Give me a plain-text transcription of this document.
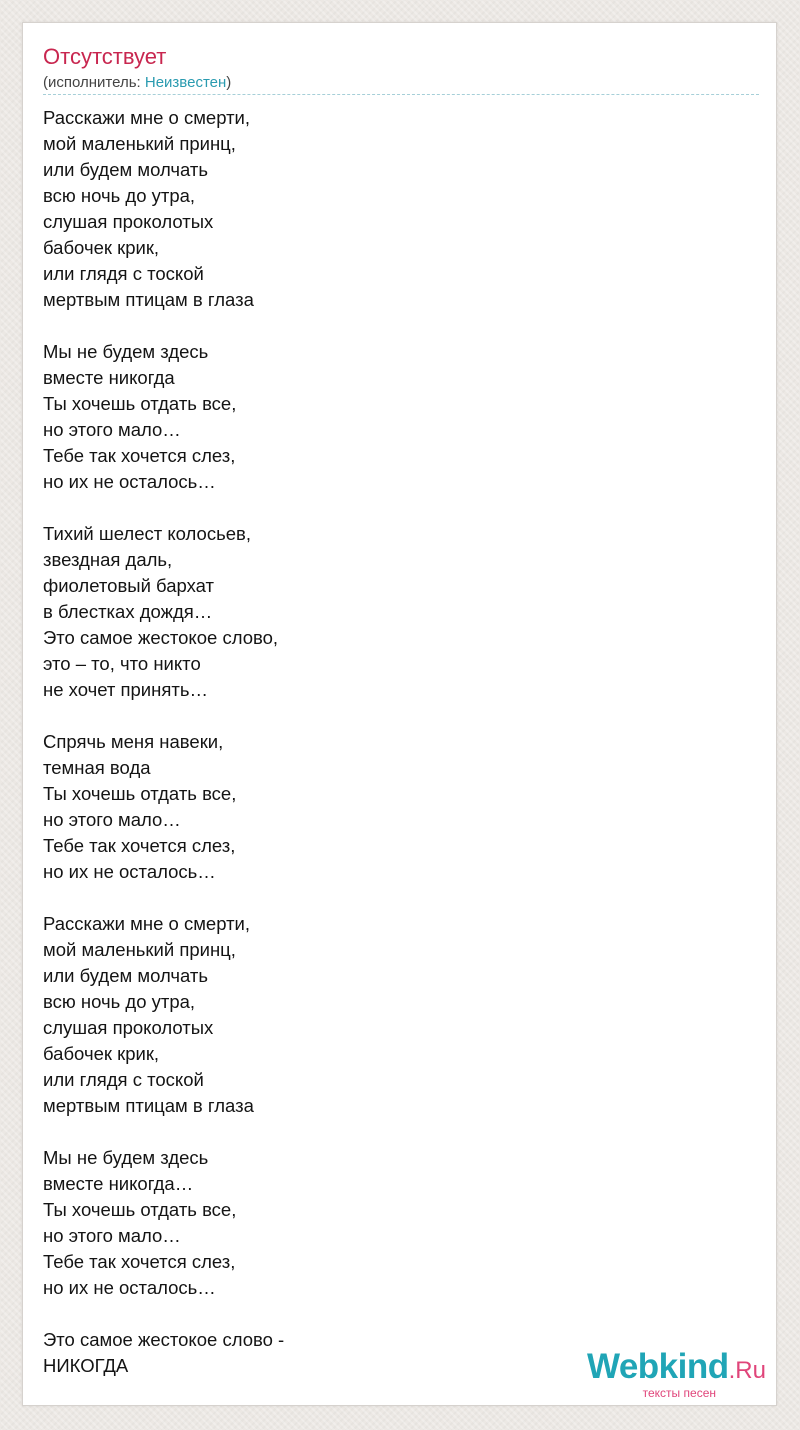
Отсутствует
(исполнитель: Неизвестен)
Расскажи мне о смерти,
мой маленький принц,
или будем молчать
всю ночь до утра,
слушая проколотых
бабочек крик,
или глядя с тоской
мертвым птицам в глаза
Мы не будем здесь
вместе никогда
Ты хочешь отдать все,
но этого мало…
Тебе так хочется слез,
но их не осталось…
Тихий шелест колосьев,
звездная даль,
фиолетовый бархат
в блестках дождя…
Это самое жестокое слово,
это – то, что никто
не хочет принять…
Спрячь меня навеки,
темная вода
Ты хочешь отдать все,
но этого мало…
Тебе так хочется слез,
но их не осталось…
Расскажи мне о смерти,
мой маленький принц,
или будем молчать
всю ночь до утра,
слушая проколотых
бабочек крик,
или глядя с тоской
мертвым птицам в глаза
Мы не будем здесь
вместе никогда…
Ты хочешь отдать все,
но этого мало…
Тебе так хочется слез,
но их не осталось…
Это самое жестокое слово -
НИКОГДА	Webkind.Ru
тексты песен
